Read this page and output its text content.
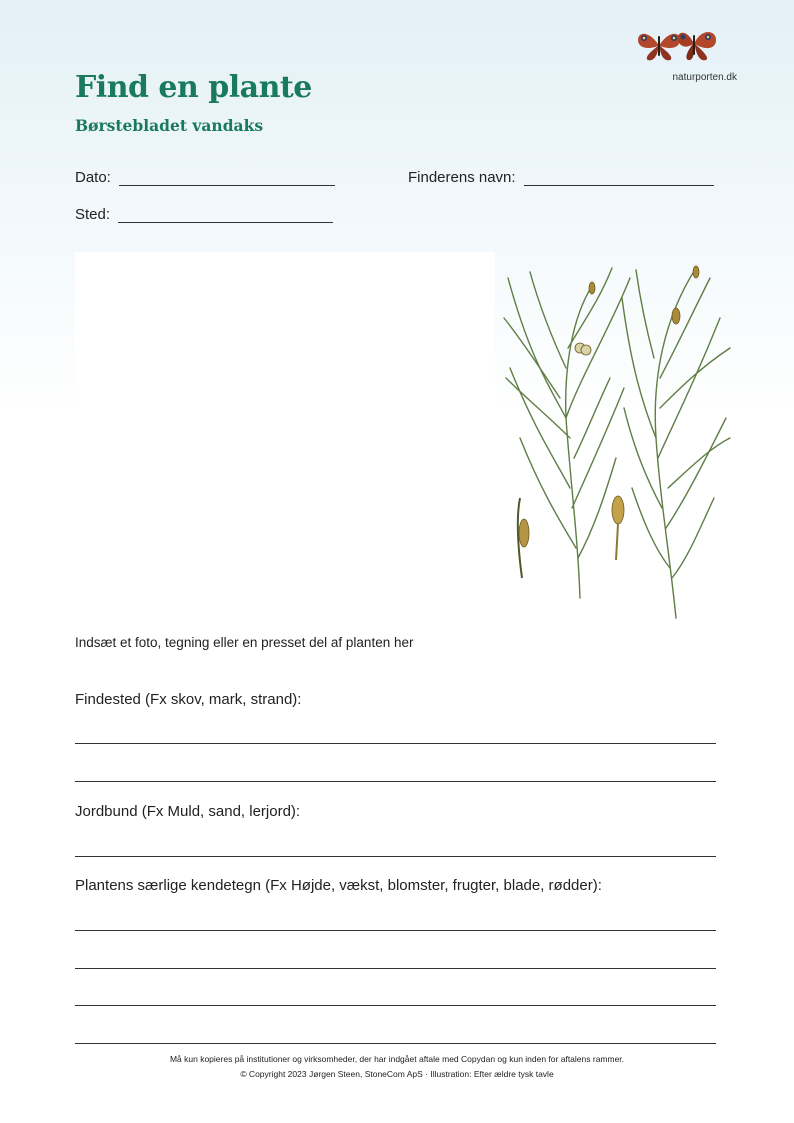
naturporten.dk
Find en plante
Børstebladet vandaks
Dato:	Finderens navn:
Sted:
Indsæt et foto, tegning eller en presset del af planten her
Findested (Fx skov, mark, strand):
Jordbund (Fx Muld, sand, lerjord):
Plantens særlige kendetegn (Fx Højde, vækst, blomster, frugter, blade, rødder):
Må kun kopieres på institutioner og virksomheder, der har indgået aftale med Copydan og kun inden for aftalens rammer.
© Copyright 2023 Jørgen Steen, StoneCom ApS · Illustration: Efter ældre tysk tavle
